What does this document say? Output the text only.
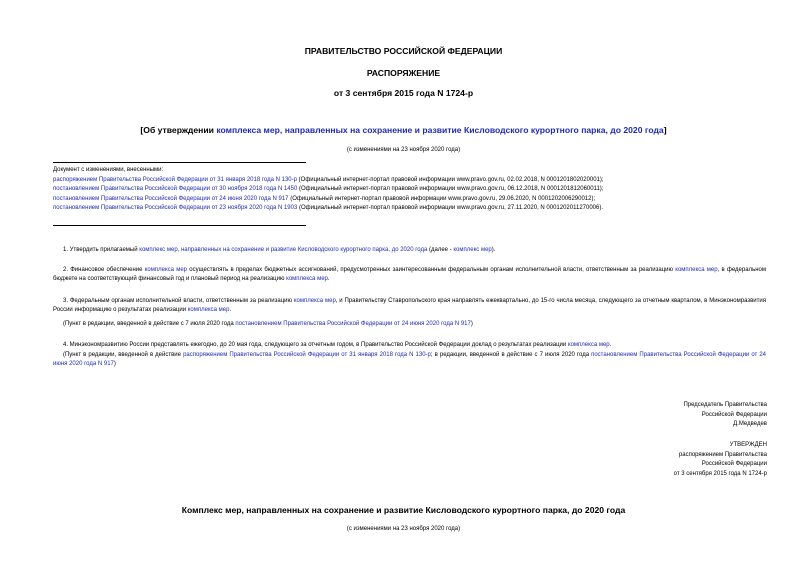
ПРАВИТЕЛЬСТВО РОССИЙСКОЙ ФЕДЕРАЦИИ
РАСПОРЯЖЕНИЕ
от 3 сентября 2015 года N 1724-р
[Об утверждении комплекса мер, направленных на сохранение и развитие Кисловодского курортного парка, до 2020 года]
(с изменениями на 23 ноября 2020 года)
Документ с изменениями, внесенными:
распоряжением Правительства Российской Федерации от 31 января 2018 года N 130-р (Официальный интернет-портал правовой информации www.pravo.gov.ru, 02.02.2018, N 0001201802020001);
постановлением Правительства Российской Федерации от 30 ноября 2018 года N 1450 (Официальный интернет-портал правовой информации www.pravo.gov.ru, 06.12.2018, N 0001201812060011);
постановлением Правительства Российской Федерации от 24 июня 2020 года N 917 (Официальный интернет-портал правовой информации www.pravo.gov.ru, 29.06.2020, N 0001202006290012);
постановлением Правительства Российской Федерации от 23 ноября 2020 года N 1903 (Официальный интернет-портал правовой информации www.pravo.gov.ru, 27.11.2020, N 0001202011270006).
1. Утвердить прилагаемый комплекс мер, направленных на сохранение и развитие Кисловодского курортного парка, до 2020 года (далее - комплекс мер).
2. Финансовое обеспечение комплекса мер осуществлять в пределах бюджетных ассигнований, предусмотренных заинтересованным федеральным органам исполнительной власти, ответственным за реализацию комплекса мер, в федеральном бюджете на соответствующий финансовый год и плановый период на реализацию комплекса мер.
3. Федеральным органам исполнительной власти, ответственным за реализацию комплекса мер, и Правительству Ставропольского края направлять ежеквартально, до 15-го числа месяца, следующего за отчетным кварталом, в Минэкономразвития России информацию о результатах реализации комплекса мер.
(Пункт в редакции, введенной в действие с 7 июля 2020 года постановлением Правительства Российской Федерации от 24 июня 2020 года N 917)
4. Минэкономразвитию России представлять ежегодно, до 20 мая года, следующего за отчетным годом, в Правительство Российской Федерации доклад о результатах реализации комплекса мер.
(Пункт в редакции, введенной в действие распоряжением Правительства Российской Федерации от 31 января 2018 года N 130-р; в редакции, введенной в действие с 7 июля 2020 года постановлением Правительства Российской Федерации от 24 июня 2020 года N 917)
Председатель Правительства
Российской Федерации
Д.Медведев
УТВЕРЖДЕН
распоряжением Правительства
Российской Федерации
от 3 сентября 2015 года N 1724-р
Комплекс мер, направленных на сохранение и развитие Кисловодского курортного парка, до 2020 года
(с изменениями на 23 ноября 2020 года)
